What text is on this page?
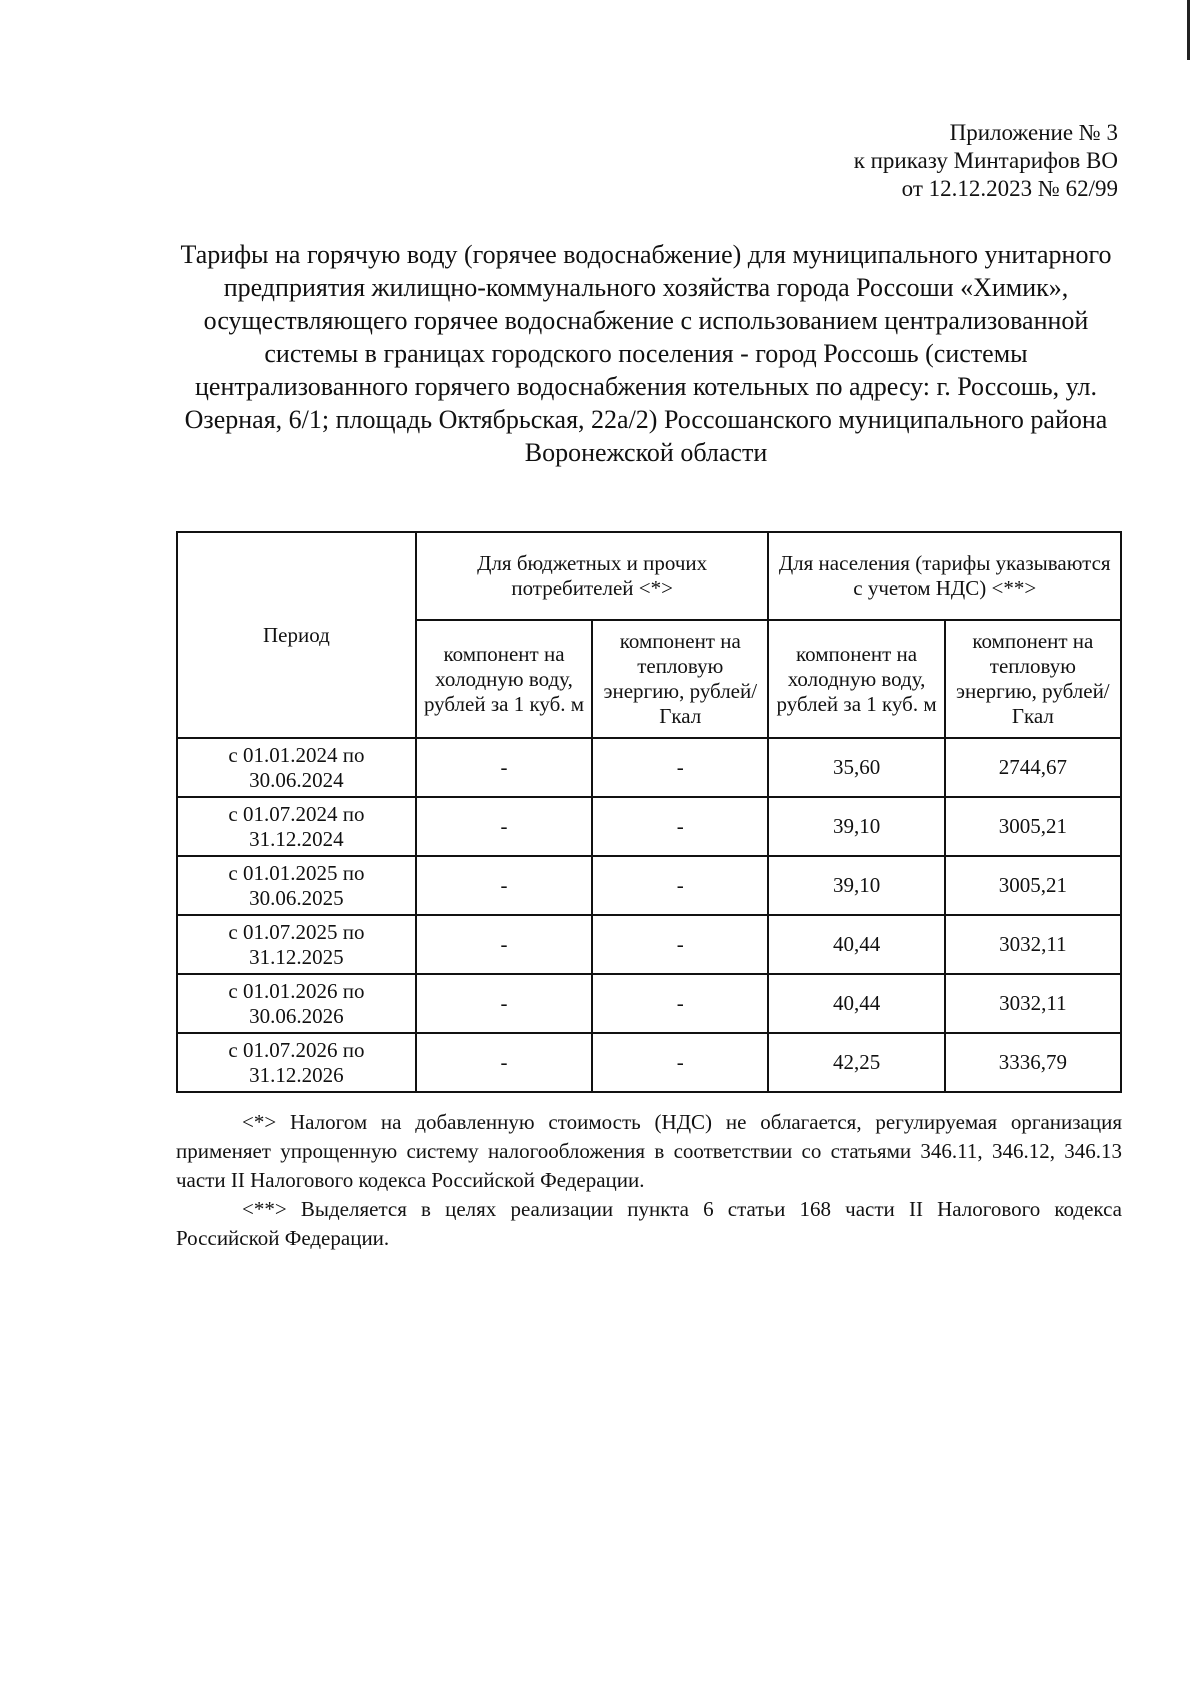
Приложение № 3
к приказу Минтарифов ВО
от 12.12.2023 № 62/99
Тарифы на горячую воду (горячее водоснабжение) для муниципального унитарного предприятия жилищно-коммунального хозяйства города Россоши «Химик», осуществляющего горячее водоснабжение с использованием централизованной системы в границах городского поселения - город Россошь (системы централизованного горячего водоснабжения котельных по адресу: г. Россошь, ул. Озерная, 6/1; площадь Октябрьская, 22а/2) Россошанского муниципального района Воронежской области
Период	Для бюджетных и прочих потребителей <*>		Для населения (тарифы указываются с учетом НДС) <**>	
	компонент на холодную воду, рублей за 1 куб. м	компонент на тепловую энергию, рублей/Гкал	компонент на холодную воду, рублей за 1 куб. м	компонент на тепловую энергию, рублей/Гкал
с 01.01.2024 по 30.06.2024	-	-	35,60	2744,67
с 01.07.2024 по 31.12.2024	-	-	39,10	3005,21
с 01.01.2025 по 30.06.2025	-	-	39,10	3005,21
с 01.07.2025 по 31.12.2025	-	-	40,44	3032,11
с 01.01.2026 по 30.06.2026	-	-	40,44	3032,11
с 01.07.2026 по 31.12.2026	-	-	42,25	3336,79

<*> Налогом на добавленную стоимость (НДС) не облагается, регулируемая организация применяет упрощенную систему налогообложения в соответствии со статьями 346.11, 346.12, 346.13 части II Налогового кодекса Российской Федерации.

<**> Выделяется в целях реализации пункта 6 статьи 168 части II Налогового кодекса Российской Федерации.
